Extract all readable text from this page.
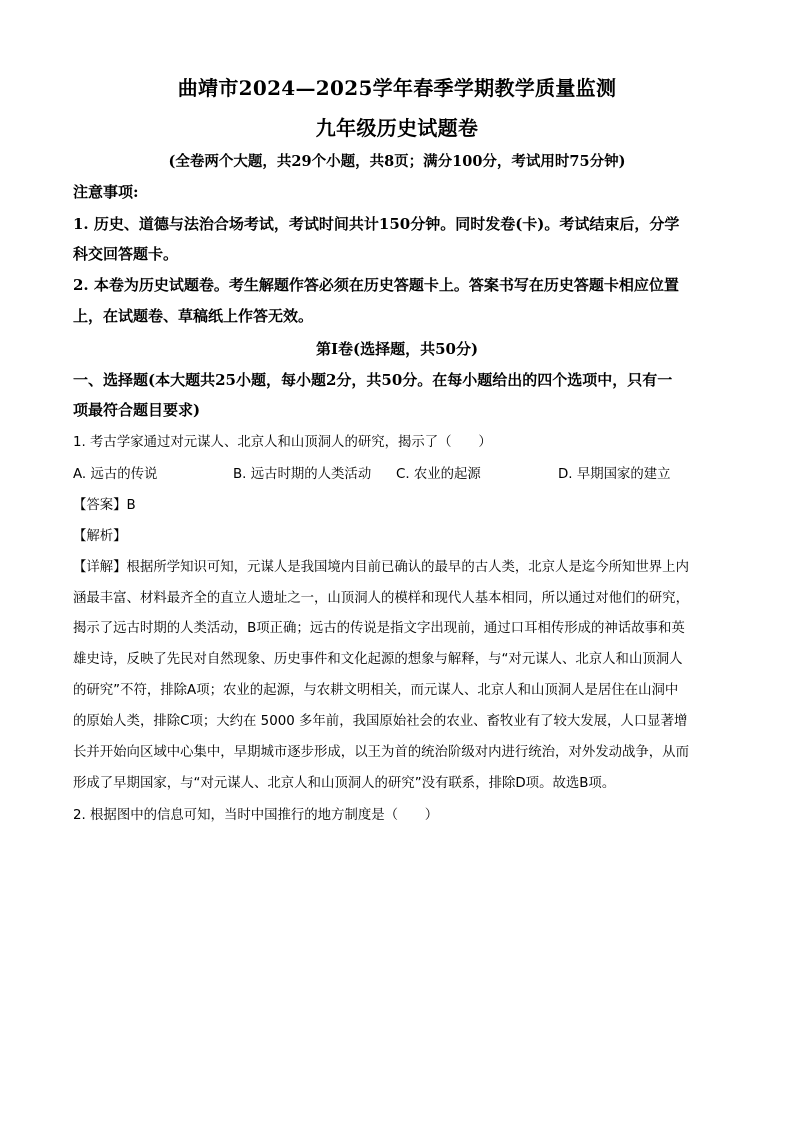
曲靖市2024—2025学年春季学期教学质量监测
九年级历史试题卷
(全卷两个大题，共29个小题，共8页；满分100分，考试用时75分钟)
注意事项:
1. 历史、道德与法治合场考试，考试时间共计150分钟。同时发卷(卡)。考试结束后，分学
科交回答题卡。
2. 本卷为历史试题卷。考生解题作答必须在历史答题卡上。答案书写在历史答题卡相应位置
上，在试题卷、草稿纸上作答无效。
第Ⅰ卷(选择题，共50分)
一、选择题(本大题共25小题，每小题2分，共50分。在每小题给出的四个选项中，只有一
项最符合题目要求)
1. 考古学家通过对元谋人、北京人和山顶洞人的研究，揭示了（　　）
A. 远古的传说	B. 远古时期的人类活动 C. 农业的起源	D. 早期国家的建立
【答案】B
【解析】
【详解】根据所学知识可知，元谋人是我国境内目前已确认的最早的古人类，北京人是迄今所知世界上内
涵最丰富、材料最齐全的直立人遗址之一，山顶洞人的模样和现代人基本相同，所以通过对他们的研究，
揭示了远古时期的人类活动，B项正确；远古的传说是指文字出现前，通过口耳相传形成的神话故事和英
雄史诗，反映了先民对自然现象、历史事件和文化起源的想象与解释，与“对元谋人、北京人和山顶洞人
的研究”不符，排除A项；农业的起源，与农耕文明相关，而元谋人、北京人和山顶洞人是居住在山洞中
的原始人类，排除C项；大约在 5000 多年前，我国原始社会的农业、畜牧业有了较大发展，人口显著增
长并开始向区域中心集中，早期城市逐步形成，以王为首的统治阶级对内进行统治，对外发动战争，从而
形成了早期国家，与“对元谋人、北京人和山顶洞人的研究”没有联系，排除D项。故选B项。
2. 根据图中的信息可知，当时中国推行的地方制度是（　　）
